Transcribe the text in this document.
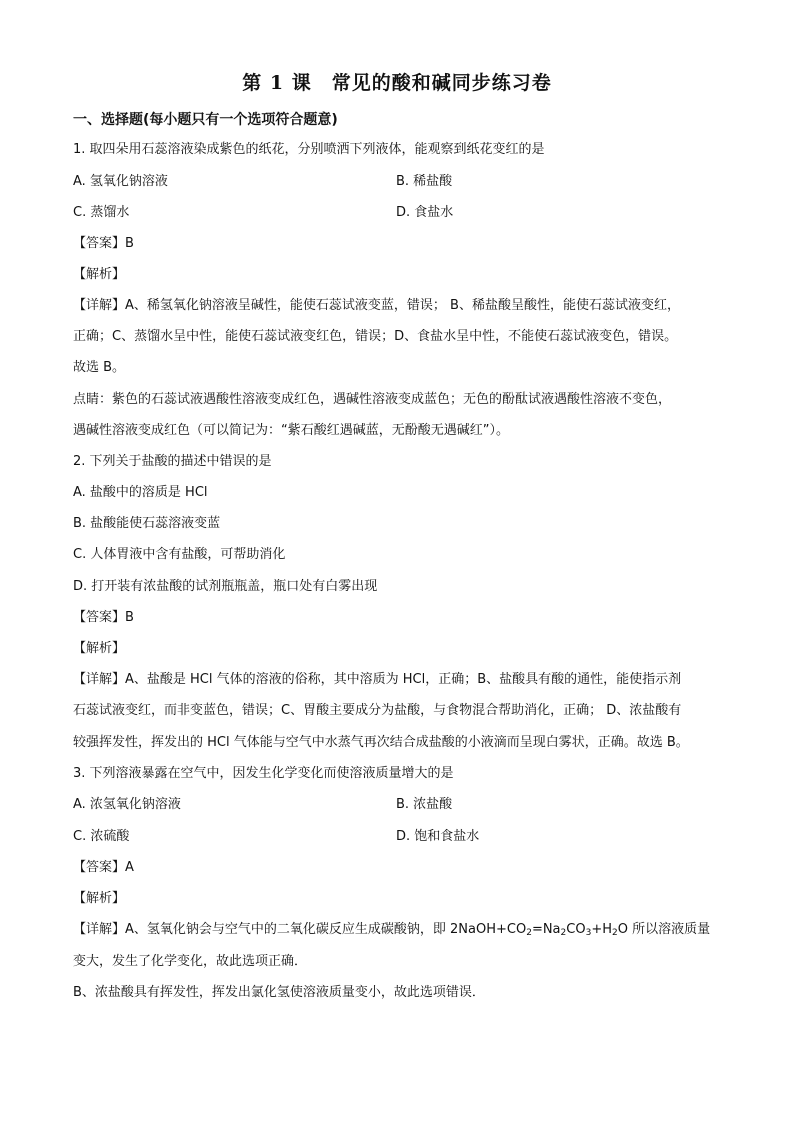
第 1 课　常见的酸和碱同步练习卷
一、选择题(每小题只有一个选项符合题意)
1. 取四朵用石蕊溶液染成紫色的纸花，分别喷洒下列液体，能观察到纸花变红的是
A. 氢氧化钠溶液	B. 稀盐酸
C. 蒸馏水	D. 食盐水
【答案】B
【解析】
【详解】A、稀氢氧化钠溶液呈碱性，能使石蕊试液变蓝，错误； B、稀盐酸呈酸性，能使石蕊试液变红，
正确；C、蒸馏水呈中性，能使石蕊试液变红色，错误；D、食盐水呈中性，不能使石蕊试液变色，错误。
故选 B。
点睛：紫色的石蕊试液遇酸性溶液变成红色，遇碱性溶液变成蓝色；无色的酚酞试液遇酸性溶液不变色，
遇碱性溶液变成红色（可以简记为：“紫石酸红遇碱蓝，无酚酸无遇碱红”）。
2. 下列关于盐酸的描述中错误的是
A. 盐酸中的溶质是 HCl
B. 盐酸能使石蕊溶液变蓝
C. 人体胃液中含有盐酸，可帮助消化
D. 打开装有浓盐酸的试剂瓶瓶盖，瓶口处有白雾出现
【答案】B
【解析】
【详解】A、盐酸是 HCl 气体的溶液的俗称，其中溶质为 HCl，正确；B、盐酸具有酸的通性，能使指示剂
石蕊试液变红，而非变蓝色，错误；C、胃酸主要成分为盐酸，与食物混合帮助消化，正确； D、浓盐酸有
较强挥发性，挥发出的 HCl 气体能与空气中水蒸气再次结合成盐酸的小液滴而呈现白雾状，正确。故选 B。
3. 下列溶液暴露在空气中，因发生化学变化而使溶液质量增大的是
A. 浓氢氧化钠溶液	B. 浓盐酸
C. 浓硫酸	D. 饱和食盐水
【答案】A
【解析】
【详解】A、氢氧化钠会与空气中的二氧化碳反应生成碳酸钠，即 $2NaOH+CO_2=Na_2CO_3+H_2O$ 所以溶液质量
变大，发生了化学变化，故此选项正确．
B、浓盐酸具有挥发性，挥发出氯化氢使溶液质量变小，故此选项错误．
